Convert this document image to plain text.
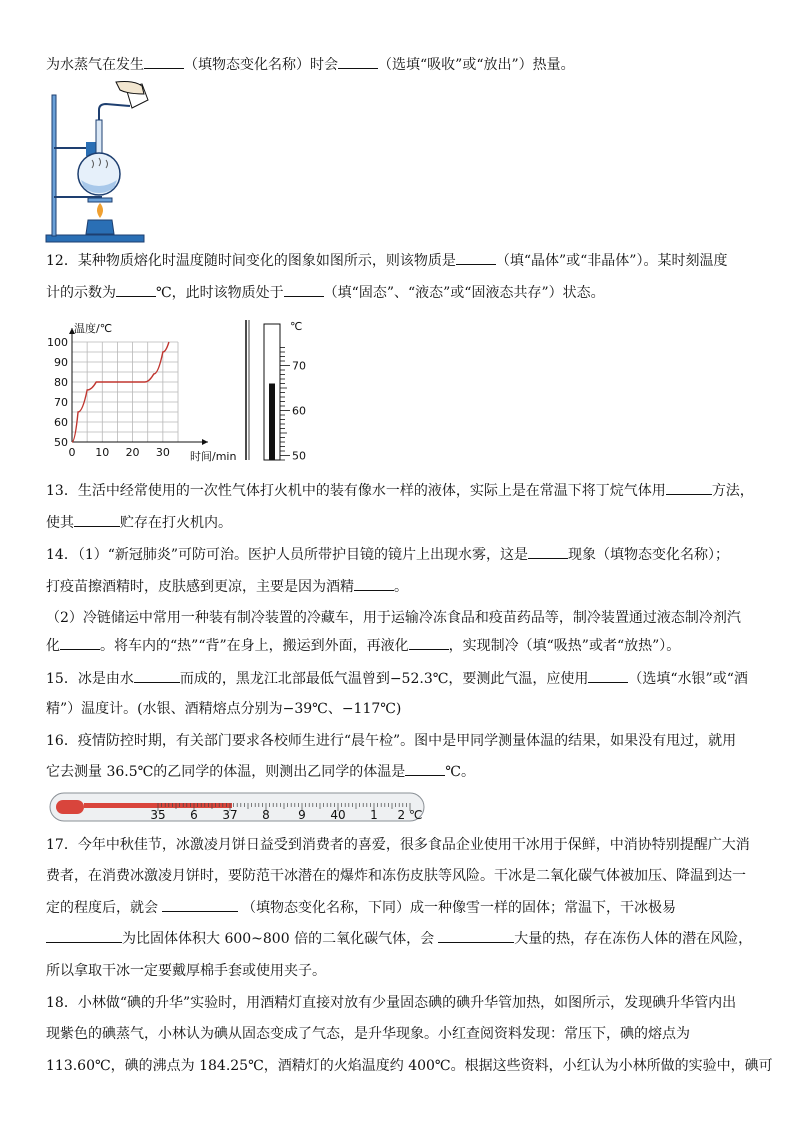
为水蒸气在发生	（填物态变化名称）时会	（选填“吸收”或“放出”）热量。
12．某种物质熔化时温度随时间变化的图象如图所示，则该物质是	（填“晶体”或“非晶体”）。某时刻温度
计的示数为	℃，此时该物质处于	（填“固态”、“液态”或“固液态共存”）状态。
50
60
70
80
90
100
0 10 20 30
温度/℃
时间/min
℃
70
60
50
13．生活中经常使用的一次性气体打火机中的装有像水一样的液体，实际上是在常温下将丁烷气体用	方法，
使其	贮存在打火机内。
14．（1）“新冠肺炎”可防可治。医护人员所带护目镜的镜片上出现水雾，这是	现象（填物态变化名称）；
打疫苗擦酒精时，皮肤感到更凉，主要是因为酒精	。
（2）冷链储运中常用一种装有制冷装置的冷藏车，用于运输冷冻食品和疫苗药品等，制冷装置通过液态制冷剂汽
化	。将车内的“热”“背”在身上，搬运到外面，再液化	，实现制冷（填“吸热”或者“放热”）。
15．冰是由水	而成的，黑龙江北部最低气温曾到−52.3℃，要测此气温，应使用	（选填“水银”或“酒
精”）温度计。(水银、酒精熔点分别为−39℃、−117℃)
16．疫情防控时期，有关部门要求各校师生进行“晨午检”。图中是甲同学测量体温的结果，如果没有甩过，就用
它去测量 36.5℃的乙同学的体温，则测出乙同学的体温是	℃。
35 6 37 8 9 40 1 2 ℃
17．今年中秋佳节，冰激凌月饼日益受到消费者的喜爱，很多食品企业使用干冰用于保鲜，中消协特别提醒广大消
费者，在消费冰激凌月饼时，要防范干冰潜在的爆炸和冻伤皮肤等风险。干冰是二氧化碳气体被加压、降温到达一
定的程度后，就会	（填物态变化名称，下同）成一种像雪一样的固体；常温下，干冰极易
为比固体体积大 600~800 倍的二氧化碳气体，会	大量的热，存在冻伤人体的潜在风险，
所以拿取干冰一定要戴厚棉手套或使用夹子。
18．小林做“碘的升华”实验时，用酒精灯直接对放有少量固态碘的碘升华管加热，如图所示，发现碘升华管内出
现紫色的碘蒸气，小林认为碘从固态变成了气态，是升华现象。小红查阅资料发现：常压下，碘的熔点为
113.60℃，碘的沸点为 184.25℃，酒精灯的火焰温度约 400℃。根据这些资料，小红认为小林所做的实验中，碘可
